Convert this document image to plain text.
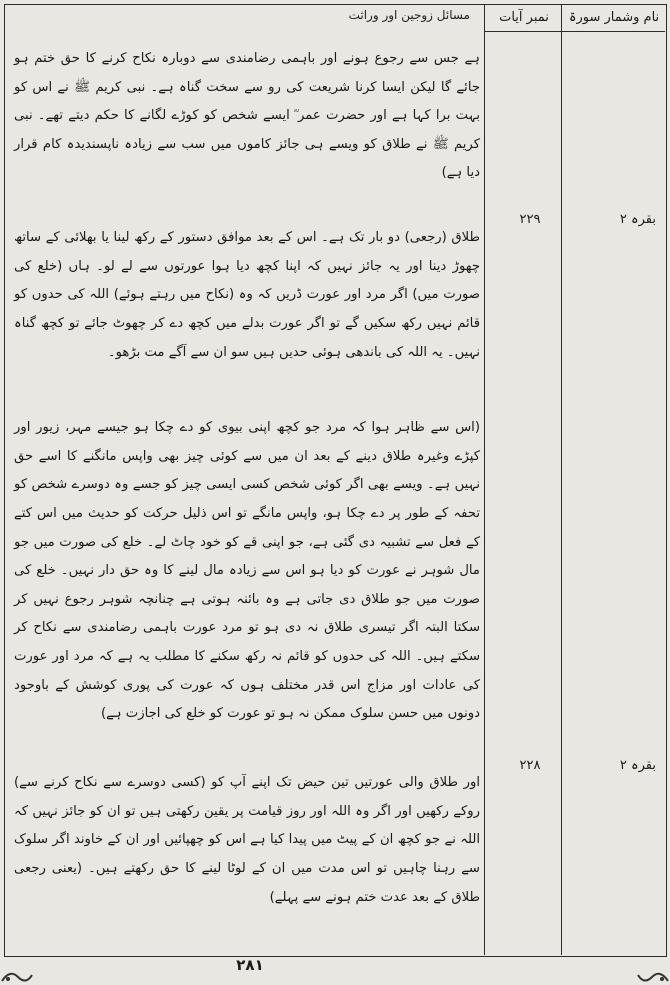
نام وشمار سورۃ
نمبر آیات
مسائل زوجین اور وراثت

ہے جس سے رجوع ہونے اور باہمی رضامندی سے دوبارہ نکاح کرنے کا حق ختم ہو جائے گا لیکن ایسا کرنا شریعت کی رو سے سخت گناہ ہے۔ نبی کریم ﷺ نے اس کو بہت برا کہا ہے اور حضرت عمر ؓ ایسے شخص کو کوڑے لگانے کا حکم دیتے تھے۔ نبی کریم ﷺ نے طلاق کو ویسے ہی جائز کاموں میں سب سے زیادہ ناپسندیدہ کام قرار دیا ہے)

طلاق (رجعی) دو بار تک ہے۔ اس کے بعد موافق دستور کے رکھ لینا یا بھلائی کے ساتھ چھوڑ دینا اور یہ جائز نہیں کہ اپنا کچھ دیا ہوا عورتوں سے لے لو۔ ہاں (خلع کی صورت میں) اگر مرد اور عورت ڈریں کہ وہ (نکاح میں رہتے ہوئے) اللہ کی حدوں کو قائم نہیں رکھ سکیں گے تو اگر عورت بدلے میں کچھ دے کر چھوٹ جائے تو کچھ گناہ نہیں۔ یہ اللہ کی باندھی ہوئی حدیں ہیں سو ان سے آگے مت بڑھو۔

(اس سے ظاہر ہوا کہ مرد جو کچھ اپنی بیوی کو دے چکا ہو جیسے مہر، زیور اور کپڑے وغیرہ طلاق دینے کے بعد ان میں سے کوئی چیز بھی واپس مانگنے کا اسے حق نہیں ہے۔ ویسے بھی اگر کوئی شخص کسی ایسی چیز کو جسے وہ دوسرے شخص کو تحفہ کے طور پر دے چکا ہو، واپس مانگے تو اس ذلیل حرکت کو حدیث میں اس کتے کے فعل سے تشبیہ دی گئی ہے، جو اپنی قے کو خود چاٹ لے۔ خلع کی صورت میں جو مال شوہر نے عورت کو دیا ہو اس سے زیادہ مال لینے کا وہ حق دار نہیں۔ خلع کی صورت میں جو طلاق دی جاتی ہے وہ بائنہ ہوتی ہے چنانچہ شوہر رجوع نہیں کر سکتا البتہ اگر تیسری طلاق نہ دی ہو تو مرد عورت باہمی رضامندی سے نکاح کر سکتے ہیں۔ اللہ کی حدوں کو قائم نہ رکھ سکنے کا مطلب یہ ہے کہ مرد اور عورت کی عادات اور مزاج اس قدر مختلف ہوں کہ عورت کی پوری کوشش کے باوجود دونوں میں حسن سلوک ممکن نہ ہو تو عورت کو خلع کی اجازت ہے)

اور طلاق والی عورتیں تین حیض تک اپنے آپ کو (کسی دوسرے سے نکاح کرنے سے) روکے رکھیں اور اگر وہ اللہ اور روز قیامت پر یقین رکھتی ہیں تو ان کو جائز نہیں کہ اللہ نے جو کچھ ان کے پیٹ میں پیدا کیا ہے اس کو چھپائیں اور ان کے خاوند اگر سلوک سے رہنا چاہیں تو اس مدت میں ان کے لوٹا لینے کا حق رکھتے ہیں۔ (یعنی رجعی طلاق کے بعد عدت ختم ہونے سے پہلے)

بقرہ ۲
۲۲۹
بقرہ ۲
۲۲۸
۲۸۱
